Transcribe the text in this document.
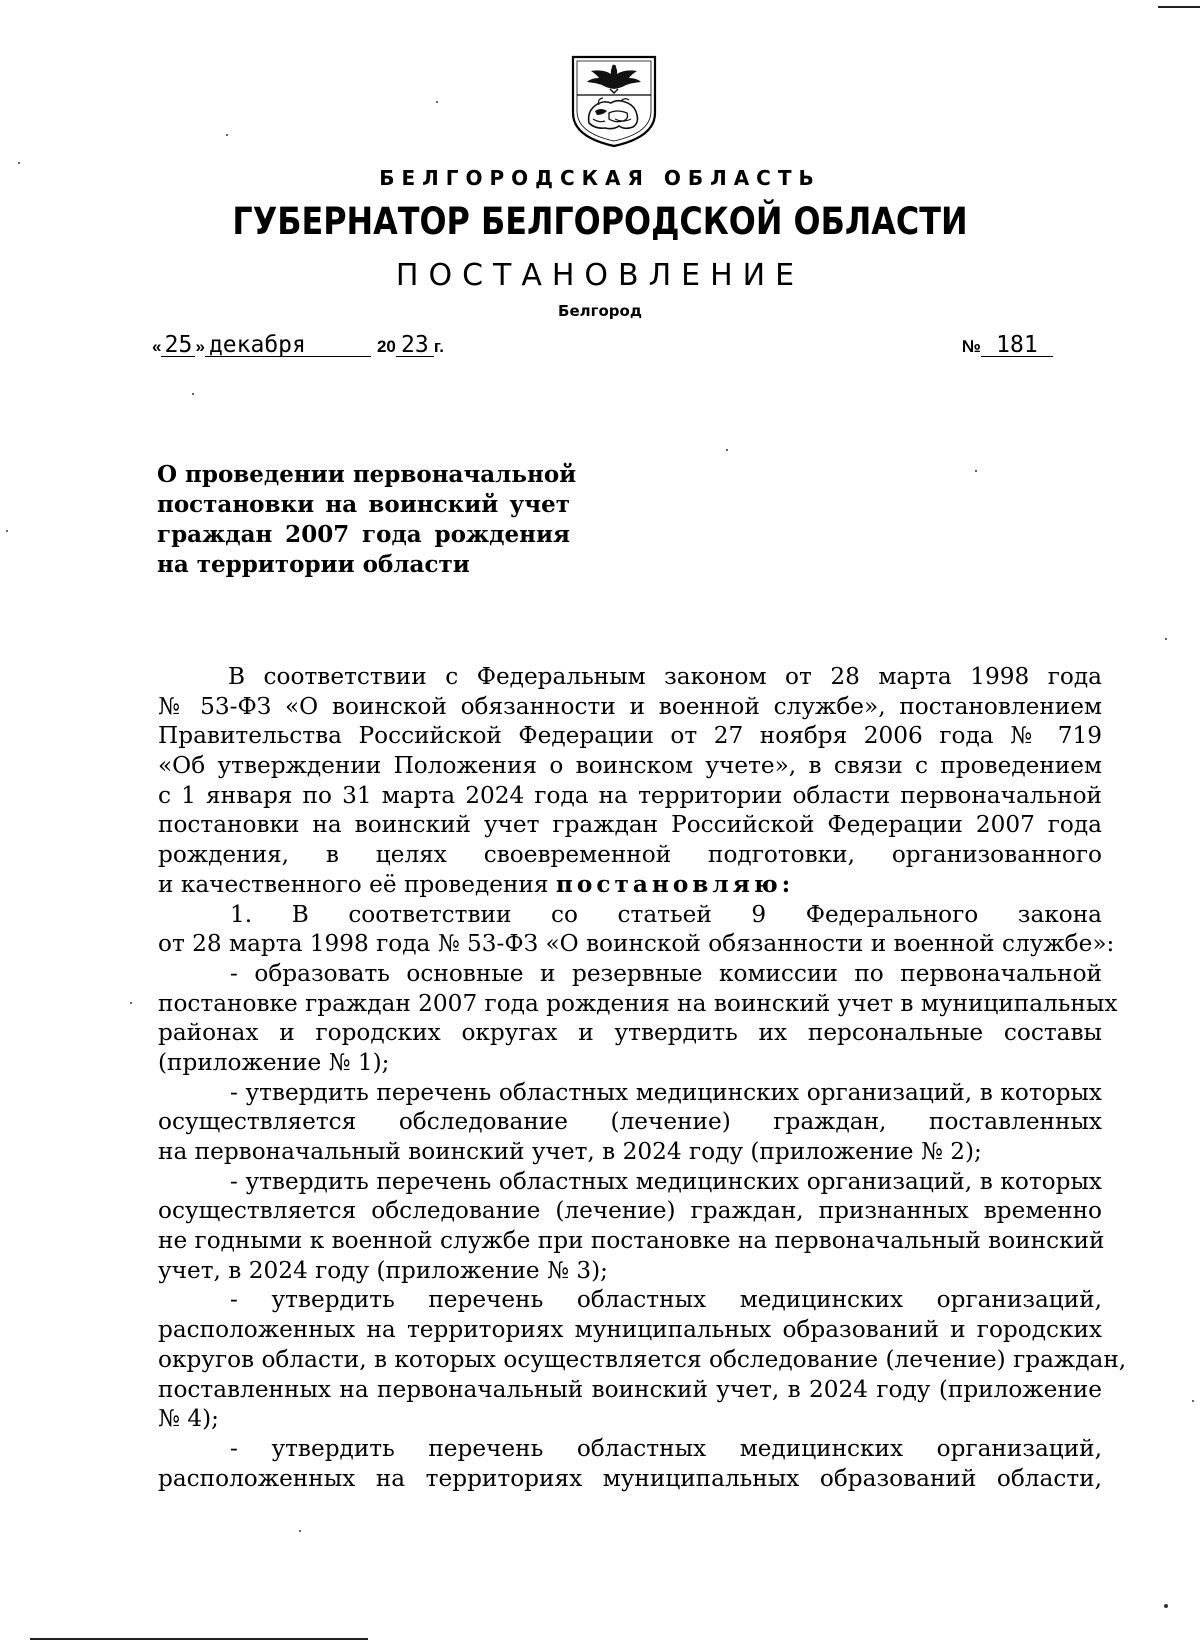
БЕЛГОРОДСКАЯ ОБЛАСТЬ
ГУБЕРНАТОР БЕЛГОРОДСКОЙ ОБЛАСТИ
ПОСТАНОВЛЕНИЕ
Белгород
« 25 » декабря	20 23 г.	№ 181
О проведении первоначальной
постановки на воинский учет
граждан 2007 года рождения
на территории области
В соответствии с Федеральным законом от 28 марта 1998 года
№ 53-ФЗ «О воинской обязанности и военной службе», постановлением
Правительства Российской Федерации от 27 ноября 2006 года № 719
«Об утверждении Положения о воинском учете», в связи с проведением
с 1 января по 31 марта 2024 года на территории области первоначальной
постановки на воинский учет граждан Российской Федерации 2007 года
рождения, в целях своевременной подготовки, организованного
и качественного её проведения постановляю:
1. В соответствии со статьей 9 Федерального закона
от 28 марта 1998 года № 53-ФЗ «О воинской обязанности и военной службе»:
- образовать основные и резервные комиссии по первоначальной
постановке граждан 2007 года рождения на воинский учет в муниципальных
районах и городских округах и утвердить их персональные составы
(приложение № 1);
- утвердить перечень областных медицинских организаций, в которых
осуществляется обследование (лечение) граждан, поставленных
на первоначальный воинский учет, в 2024 году (приложение № 2);
- утвердить перечень областных медицинских организаций, в которых
осуществляется обследование (лечение) граждан, признанных временно
не годными к военной службе при постановке на первоначальный воинский
учет, в 2024 году (приложение № 3);
- утвердить перечень областных медицинских организаций,
расположенных на территориях муниципальных образований и городских
округов области, в которых осуществляется обследование (лечение) граждан,
поставленных на первоначальный воинский учет, в 2024 году (приложение
№ 4);
- утвердить перечень областных медицинских организаций,
расположенных на территориях муниципальных образований области,
